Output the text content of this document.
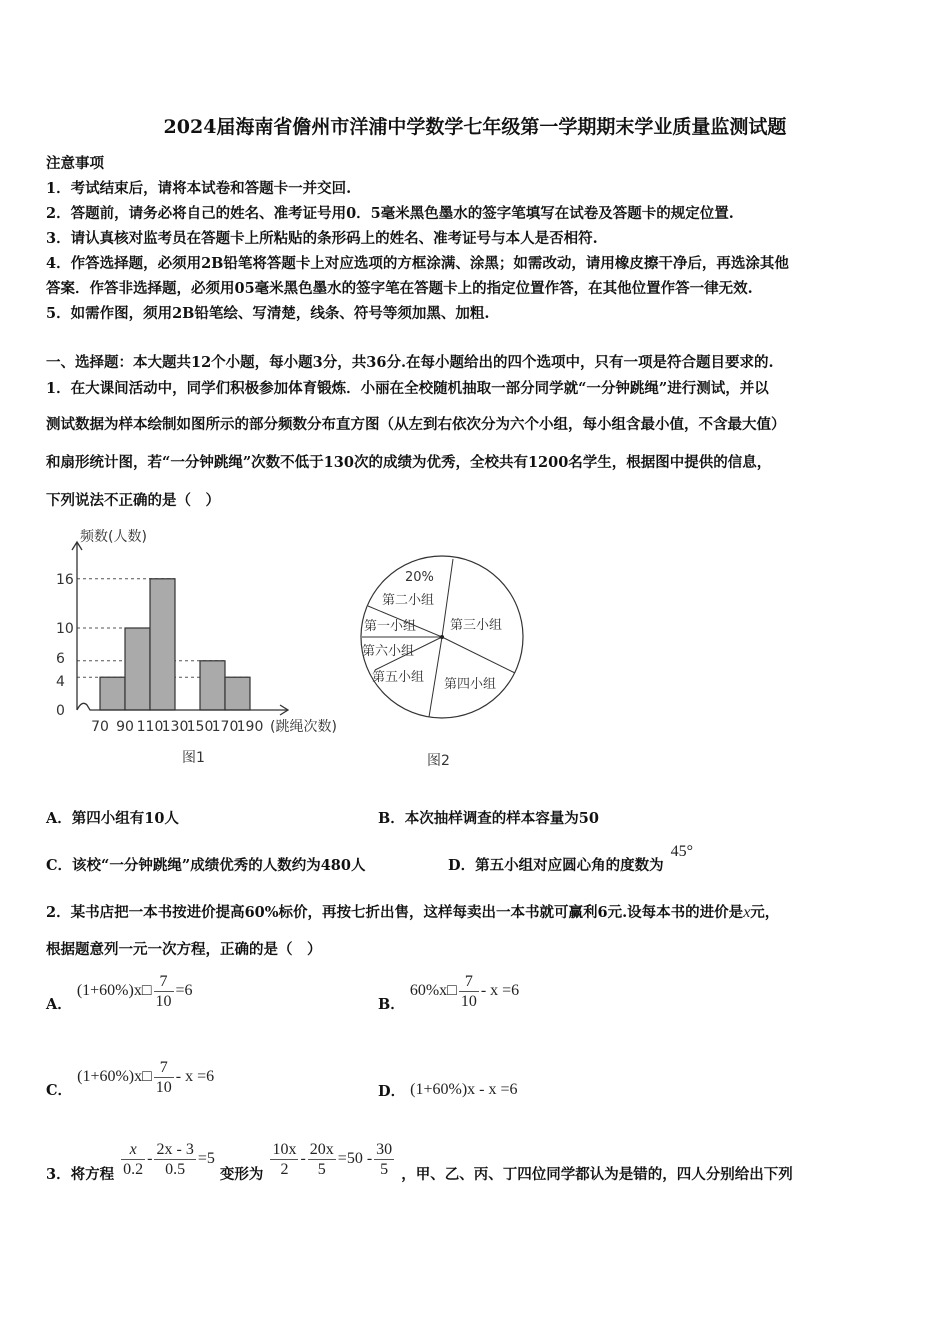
2024届海南省儋州市洋浦中学数学七年级第一学期期末学业质量监测试题
注意事项
1．考试结束后，请将本试卷和答题卡一并交回.
2．答题前，请务必将自己的姓名、准考证号用0．5毫米黑色墨水的签字笔填写在试卷及答题卡的规定位置.
3．请认真核对监考员在答题卡上所粘贴的条形码上的姓名、准考证号与本人是否相符.
4．作答选择题，必须用2B铅笔将答题卡上对应选项的方框涂满、涂黑；如需改动，请用橡皮擦干净后，再选涂其他
答案．作答非选择题，必须用05毫米黑色墨水的签字笔在答题卡上的指定位置作答，在其他位置作答一律无效.
5．如需作图，须用2B铅笔绘、写清楚，线条、符号等须加黑、加粗.
一、选择题：本大题共12个小题，每小题3分，共36分.在每小题给出的四个选项中，只有一项是符合题目要求的.
1．在大课间活动中，同学们积极参加体育锻炼．小丽在全校随机抽取一部分同学就“一分钟跳绳”进行测试，并以
测试数据为样本绘制如图所示的部分频数分布直方图（从左到右依次分为六个小组，每小组含最小值，不含最大值）
和扇形统计图，若“一分钟跳绳”次数不低于130次的成绩为优秀，全校共有1200名学生，根据图中提供的信息，
下列说法不正确的是（　）
16
10
6
4
0
70 90 110
130
150
170
190
频数(人数)
(跳绳次数)
图1
20%
第二小组
第三小组
第一小组
第六小组
第五小组 第四小组
图2
A．第四小组有10人	B．本次抽样调查的样本容量为50
C．该校“一分钟跳绳”成绩优秀的人数约为480人	D．第五小组对应圆心角的度数为 45°
2．某书店把一本书按进价提高60%标价，再按七折出售，这样每卖出一本书就可赢利6元.设每本书的进价是x元，
根据题意列一元一次方程，正确的是（　）
A． (1+60%)x□ $\frac{7}{10} =6$
B． 60%x□ $\frac{7}{10} - x =6$
C． (1+60%)x□ $\frac{7}{10} - x =6$
D． (1+60%)x - x =6
3．将方程 $\frac{x}{0.2} - \frac{2x - 3}{0.5} =5$ 变形为 $\frac{10x}{2} - \frac{20x}{5} =50 - \frac{30}{5}$ ，甲、乙、丙、丁四位同学都认为是错的，四人分别给出下列
